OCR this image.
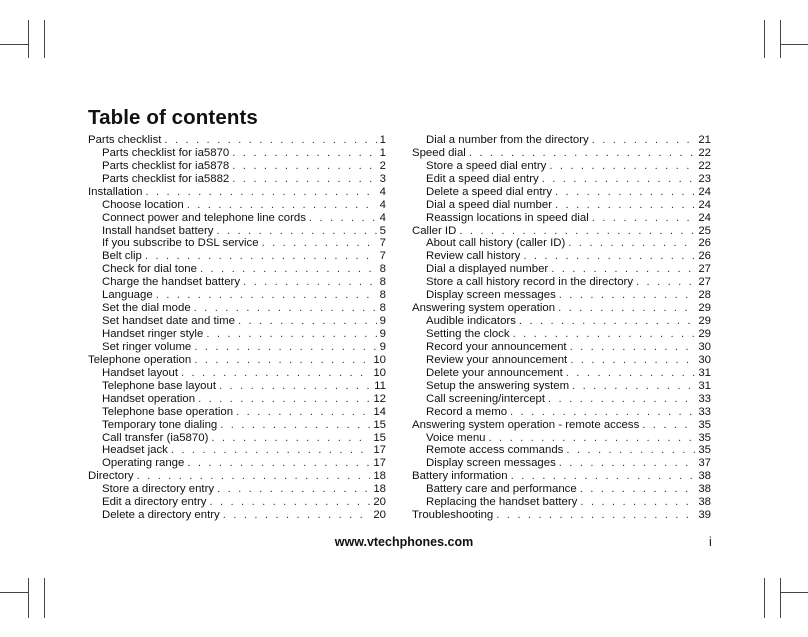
Table of contents
Parts checklist . . .	1
Parts checklist for ia5870 . . .	1
Parts checklist for ia5878 . . .	2
Parts checklist for ia5882 . . .	3
Installation . . .	4
Choose location . . .	4
Connect power and telephone line cords . . .	4
Install handset battery . . .	5
If you subscribe to DSL service . . .	7
Belt clip . . .	7
Check for dial tone . . .	8
Charge the handset battery . . .	8
Language . . .	8
Set the dial mode . . .	8
Set handset date and time . . .	9
Handset ringer style . . .	9
Set ringer volume . . .	9
Telephone operation . . .	10
Handset layout . . .	10
Telephone base layout . . .	11
Handset operation . . .	12
Telephone base operation . . .	14
Temporary tone dialing . . .	15
Call transfer (ia5870) . . .	15
Headset jack . . .	17
Operating range . . .	17
Directory . . .	18
Store a directory entry . . .	18
Edit a directory entry . . .	20
Delete a directory entry . . .	20
Dial a number from the directory . . .	21
Speed dial . . .	22
Store a speed dial entry . . .	22
Edit a speed dial entry . . .	23
Delete a speed dial entry . . .	24
Dial a speed dial number . . .	24
Reassign locations in speed dial . . .	24
Caller ID . . .	25
About call history (caller ID) . . .	26
Review call history . . .	26
Dial a displayed number . . .	27
Store a call history record in the directory . . .	27
Display screen messages . . .	28
Answering system operation . . .	29
Audible indicators . . .	29
Setting the clock . . .	29
Record your announcement . . .	30
Review your announcement . . .	30
Delete your announcement . . .	31
Setup the answering system . . .	31
Call screening/intercept . . .	33
Record a memo . . .	33
Answering system operation - remote access . . .	35
Voice menu . . .	35
Remote access commands . . .	35
Display screen messages . . .	37
Battery information . . .	38
Battery care and performance . . .	38
Replacing the handset battery . . .	38
Troubleshooting . . .	39
www.vtechphones.com	i
